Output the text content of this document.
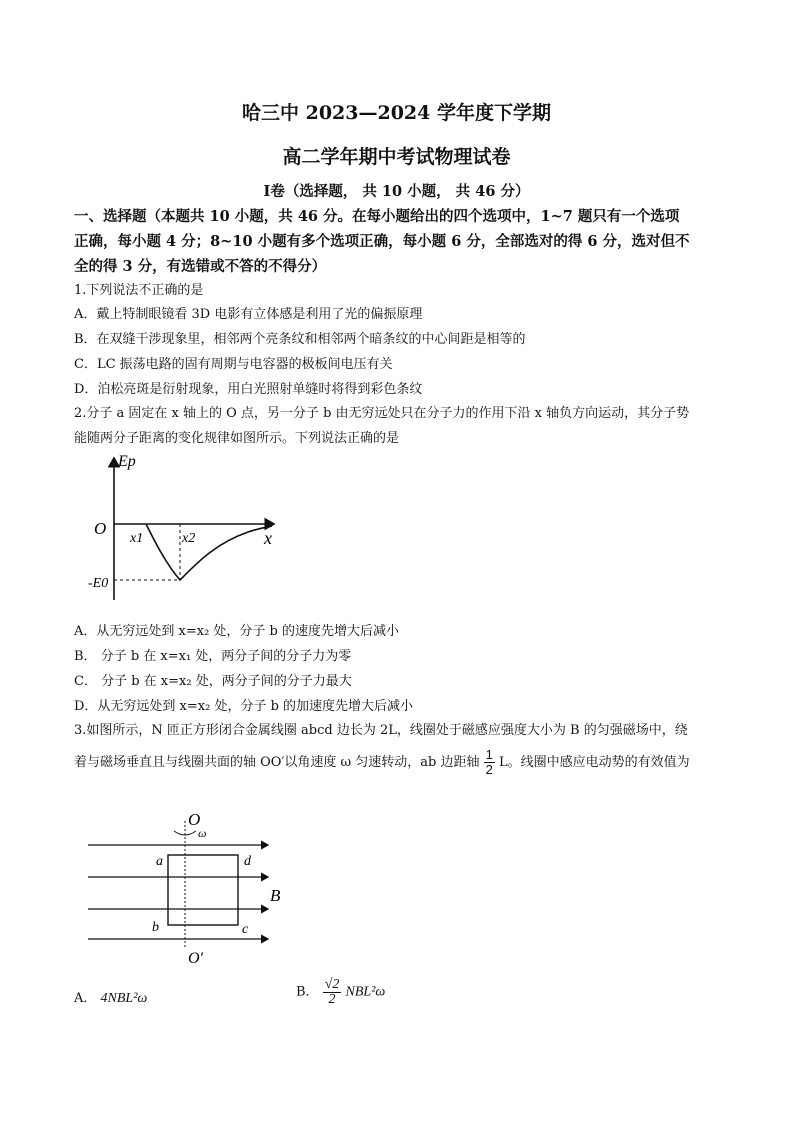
哈三中 2023—2024 学年度下学期
高二学年期中考试物理试卷
Ⅰ卷（选择题， 共 10 小题， 共 46 分）
一、选择题（本题共 10 小题，共 46 分。在每小题给出的四个选项中，1~7 题只有一个选项
正确，每小题 4 分；8~10 小题有多个选项正确，每小题 6 分，全部选对的得 6 分，选对但不
全的得 3 分，有选错或不答的不得分）
1.下列说法不正确的是
A．戴上特制眼镜看 3D 电影有立体感是利用了光的偏振原理
B．在双缝干涉现象里，相邻两个亮条纹和相邻两个暗条纹的中心间距是相等的
C．LC 振荡电路的固有周期与电容器的极板间电压有关
D．泊松亮斑是衍射现象，用白光照射单缝时将得到彩色条纹
2.分子 a 固定在 x 轴上的 O 点，另一分子 b 由无穷远处只在分子力的作用下沿 x 轴负方向运动，其分子势
能随两分子距离的变化规律如图所示。下列说法正确的是
Ep
x
O
x1	x2
-E0
A．从无穷远处到 x=x₂ 处，分子 b 的速度先增大后减小
B． 分子 b 在 x=x₁ 处，两分子间的分子力为零
C． 分子 b 在 x=x₂ 处，两分子间的分子力最大
D．从无穷远处到 x=x₂ 处，分子 b 的加速度先增大后减小
3.如图所示，N 匝正方形闭合金属线圈 abcd 边长为 2L，线圈处于磁感应强度大小为 B 的匀强磁场中，绕
着与磁场垂直且与线圈共面的轴 OO′以角速度 ω 匀速转动，ab 边距轴 $\frac{1}{2}$ L。线圈中感应电动势的有效值为
O
ω
O′
a	d
b	c
B
A． 4NBL²ω	B． $\frac{√2}{2} NBL^2\omega$
